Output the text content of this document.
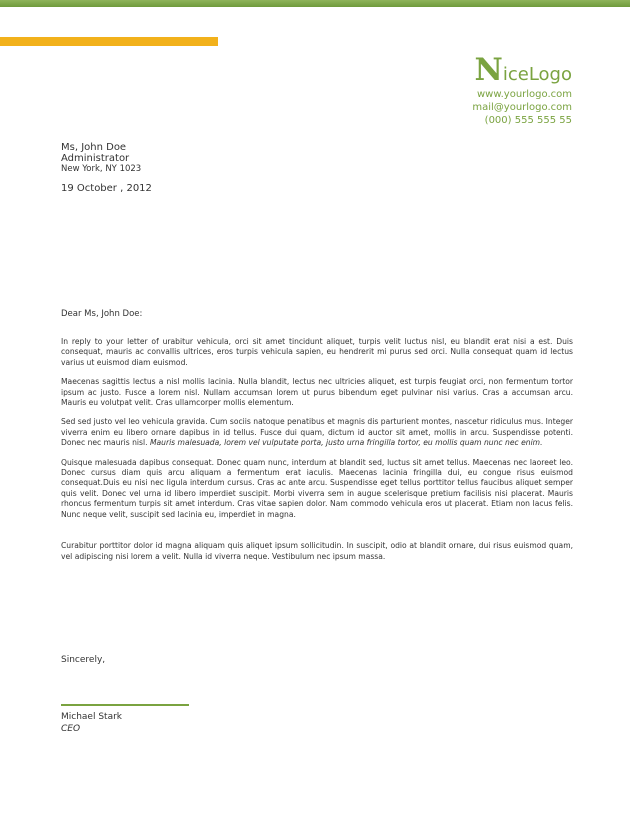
NiceLogo
www.yourlogo.com
mail@yourlogo.com
(000) 555 555 55
Ms, John Doe
Administrator
New York, NY 1023
19 October , 2012
Dear Ms, John Doe:

In reply to your letter of urabitur vehicula, orci sit amet tincidunt aliquet, turpis velit luctus nisl, eu blandit erat nisi a est. Duis consequat, mauris ac convallis ultrices, eros turpis vehicula sapien, eu hendrerit mi purus sed orci. Nulla consequat quam id lectus varius ut euismod diam euismod.

Maecenas sagittis lectus a nisl mollis lacinia. Nulla blandit, lectus nec ultricies aliquet, est turpis feugiat orci, non fermentum tortor ipsum ac justo. Fusce a lorem nisl. Nullam accumsan lorem ut purus bibendum eget pulvinar nisi varius. Cras a accumsan arcu. Mauris eu volutpat velit. Cras ullamcorper mollis elementum.

Sed sed justo vel leo vehicula gravida. Cum sociis natoque penatibus et magnis dis parturient montes, nascetur ridiculus mus. Integer viverra enim eu libero ornare dapibus in id tellus. Fusce dui quam, dictum id auctor sit amet, mollis in arcu. Suspendisse potenti. Donec nec mauris nisl. Mauris malesuada, lorem vel vulputate porta, justo urna fringilla tortor, eu mollis quam nunc nec enim.

Quisque malesuada dapibus consequat. Donec quam nunc, interdum at blandit sed, luctus sit amet tellus. Maecenas nec laoreet leo. Donec cursus diam quis arcu aliquam a fermentum erat iaculis. Maecenas lacinia fringilla dui, eu congue risus euismod consequat.Duis eu nisi nec ligula interdum cursus. Cras ac ante arcu. Suspendisse eget tellus porttitor tellus faucibus aliquet semper quis velit. Donec vel urna id libero imperdiet suscipit. Morbi viverra sem in augue scelerisque pretium facilisis nisi placerat. Mauris rhoncus fermentum turpis sit amet interdum. Cras vitae sapien dolor. Nam commodo vehicula eros ut placerat. Etiam non lacus felis. Nunc neque velit, suscipit sed lacinia eu, imperdiet in magna.

Curabitur porttitor dolor id magna aliquam quis aliquet ipsum sollicitudin. In suscipit, odio at blandit ornare, dui risus euismod quam, vel adipiscing nisi lorem a velit. Nulla id viverra neque. Vestibulum nec ipsum massa.

Sincerely,
Michael Stark
CEO
